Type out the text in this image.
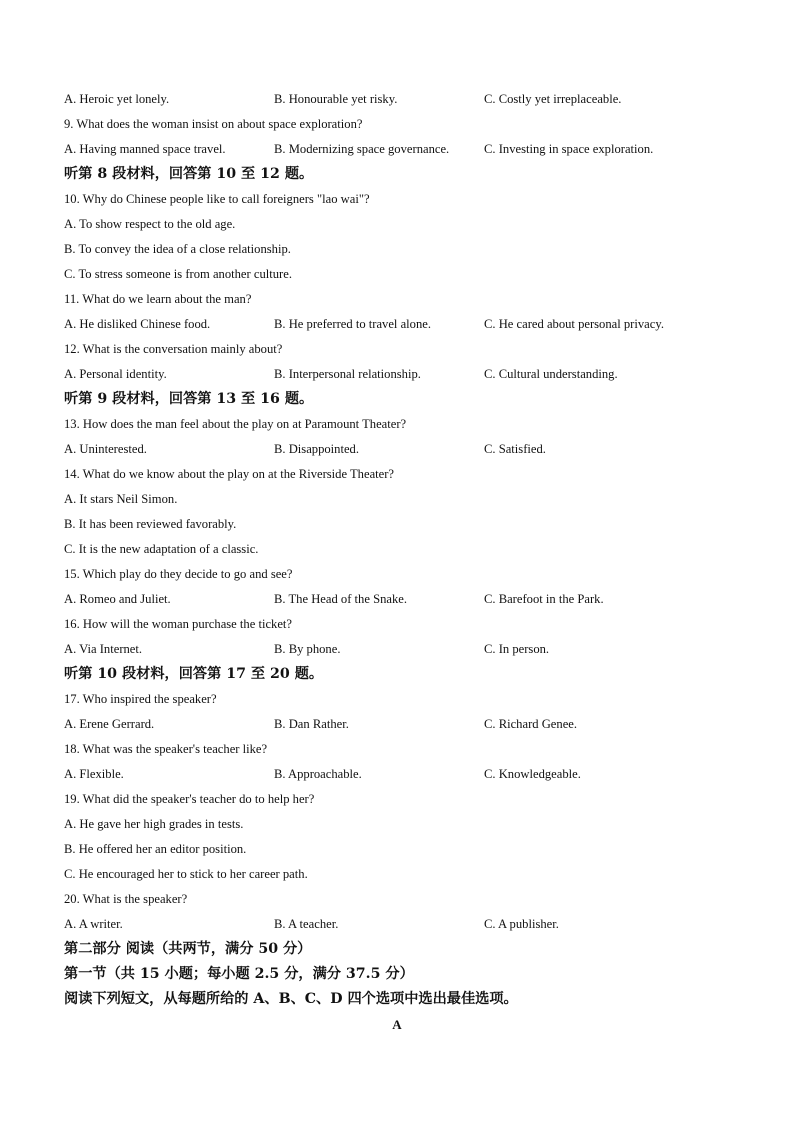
A. Heroic yet lonely.	B. Honourable yet risky.	C. Costly yet irreplaceable.
9. What does the woman insist on about space exploration?
A. Having manned space travel.	B. Modernizing space governance.	C. Investing in space exploration.
听第 8 段材料，回答第 10 至 12 题。
10. Why do Chinese people like to call foreigners "lao wai"?
A. To show respect to the old age.
B. To convey the idea of a close relationship.
C. To stress someone is from another culture.
11. What do we learn about the man?
A. He disliked Chinese food.	B. He preferred to travel alone.	C. He cared about personal privacy.
12. What is the conversation mainly about?
A. Personal identity.	B. Interpersonal relationship.	C. Cultural understanding.
听第 9 段材料，回答第 13 至 16 题。
13. How does the man feel about the play on at Paramount Theater?
A. Uninterested.	B. Disappointed.	C. Satisfied.
14. What do we know about the play on at the Riverside Theater?
A. It stars Neil Simon.
B. It has been reviewed favorably.
C. It is the new adaptation of a classic.
15. Which play do they decide to go and see?
A. Romeo and Juliet.	B. The Head of the Snake.	C. Barefoot in the Park.
16. How will the woman purchase the ticket?
A. Via Internet.	B. By phone.	C. In person.
听第 10 段材料，回答第 17 至 20 题。
17. Who inspired the speaker?
A. Erene Gerrard.	B. Dan Rather.	C. Richard Genee.
18. What was the speaker's teacher like?
A. Flexible.	B. Approachable.	C. Knowledgeable.
19. What did the speaker's teacher do to help her?
A. He gave her high grades in tests.
B. He offered her an editor position.
C. He encouraged her to stick to her career path.
20. What is the speaker?
A. A writer.	B. A teacher.	C. A publisher.
第二部分 阅读（共两节，满分 50 分）
第一节（共 15 小题；每小题 2.5 分，满分 37.5 分）
阅读下列短文，从每题所给的 A、B、C、D 四个选项中选出最佳选项。
A
